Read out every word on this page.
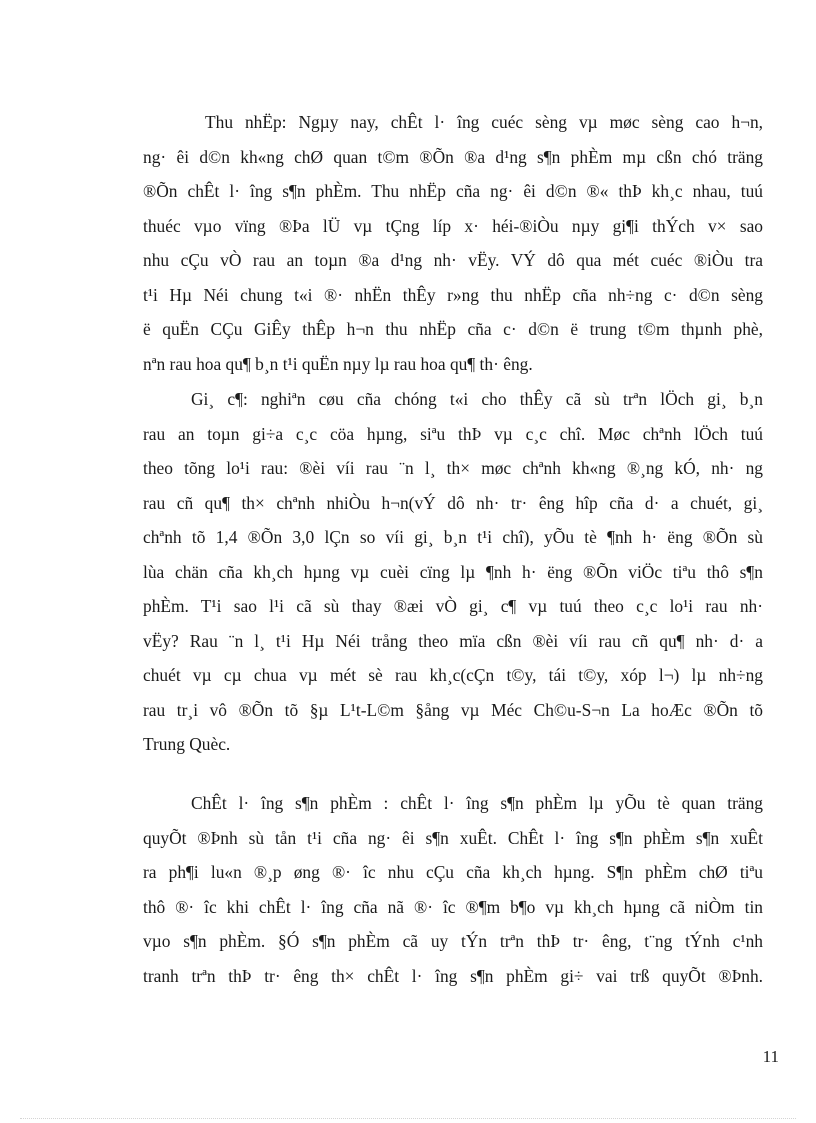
Thu nhËp: Ngµy nay, chÊt l· îng cuéc sèng vµ møc sèng cao h¬n,
ng· êi d©n kh«ng chØ quan t©m ®Õn ®a d¹ng s¶n phÈm mµ cßn chó träng
®Õn chÊt l· îng s¶n phÈm. Thu nhËp cña ng· êi d©n ®« thÞ kh¸c nhau, tuú
thuéc vµo vïng ®Þa lÜ vµ tÇng líp x· héi-®iÒu nµy gi¶i thÝch v× sao
nhu cÇu vÒ rau an toµn ®a d¹ng nh· vËy. VÝ dô qua mét cuéc ®iÒu tra
t¹i Hµ Néi chung t«i ®· nhËn thÊy r»ng thu nhËp cña nh÷ng c· d©n sèng
ë quËn CÇu GiÊy thÊp h¬n thu nhËp cña c· d©n ë trung t©m thµnh phè,
nªn rau hoa qu¶ b¸n t¹i quËn nµy lµ rau hoa qu¶ th· êng.
Gi¸ c¶: nghiªn cøu cña chóng t«i cho thÊy cã sù trªn lÖch gi¸ b¸n
rau an toµn gi÷a c¸c cöa hµng, siªu thÞ vµ c¸c chî. Møc chªnh lÖch tuú
theo tõng lo¹i rau: ®èi víi rau ¨n l¸ th× møc chªnh kh«ng ®¸ng kÓ, nh· ng
rau cñ qu¶ th× chªnh nhiÒu h¬n(vÝ dô nh· tr· êng hîp cña d· a chuét, gi¸
chªnh tõ 1,4 ®Õn 3,0 lÇn so víi gi¸ b¸n t¹i chî), yÕu tè ¶nh h· ëng ®Õn sù
lùa chän cña kh¸ch hµng vµ cuèi cïng lµ ¶nh h· ëng ®Õn viÖc tiªu thô s¶n
phÈm. T¹i sao l¹i cã sù thay ®æi vÒ gi¸ c¶ vµ tuú theo c¸c lo¹i rau nh·
vËy? Rau ¨n l¸ t¹i Hµ Néi trång theo mïa cßn ®èi víi rau cñ qu¶ nh· d· a
chuét vµ cµ chua vµ mét sè rau kh¸c(cÇn t©y, tái t©y, xóp l¬) lµ nh÷ng
rau tr¸i vô ®Õn tõ §µ L¹t-L©m §ång vµ Méc Ch©u-S¬n La hoÆc ®Õn tõ
Trung Quèc.
ChÊt l· îng s¶n phÈm : chÊt l· îng s¶n phÈm lµ yÕu tè quan träng
quyÕt ®Þnh sù tån t¹i cña ng· êi s¶n xuÊt. ChÊt l· îng s¶n phÈm s¶n xuÊt
ra ph¶i lu«n ®¸p øng ®· îc nhu cÇu cña kh¸ch hµng. S¶n phÈm chØ tiªu
thô ®· îc khi chÊt l· îng cña nã ®· îc ®¶m b¶o vµ kh¸ch hµng cã niÒm tin
vµo s¶n phÈm. §Ó s¶n phÈm cã uy tÝn trªn thÞ tr· êng, t¨ng tÝnh c¹nh
tranh trªn thÞ tr· êng th× chÊt l· îng s¶n phÈm gi÷ vai trß quyÕt ®Þnh.
11
